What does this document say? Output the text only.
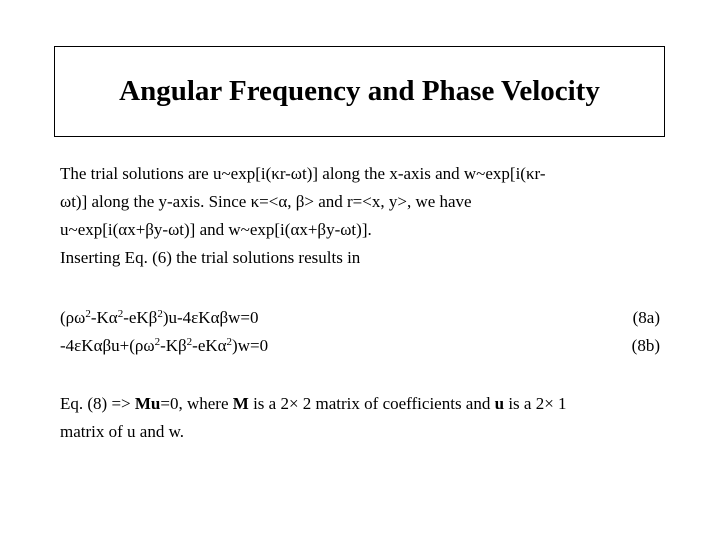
Angular Frequency and Phase Velocity
The trial solutions are u~exp[i(κr-ωt)] along the x-axis and w~exp[i(κr-
ωt)] along the y-axis. Since κ=<α, β> and r=<x, y>, we have
u~exp[i(αx+βy-ωt)] and w~exp[i(αx+βy-ωt)].
Inserting Eq. (6) the trial solutions results in
$(\rho\omega^2-K\alpha^2-eK\beta^2)u-4\varepsilon K\alpha\beta w=0$	(8a)
$-4\varepsilon K\alpha\beta u+(\rho\omega^2-K\beta^2-eK\alpha^2)w=0$	(8b)
Eq. (8) => Mu=0, where M is a 2× 2 matrix of coefficients and u is a 2× 1
matrix of u and w.
